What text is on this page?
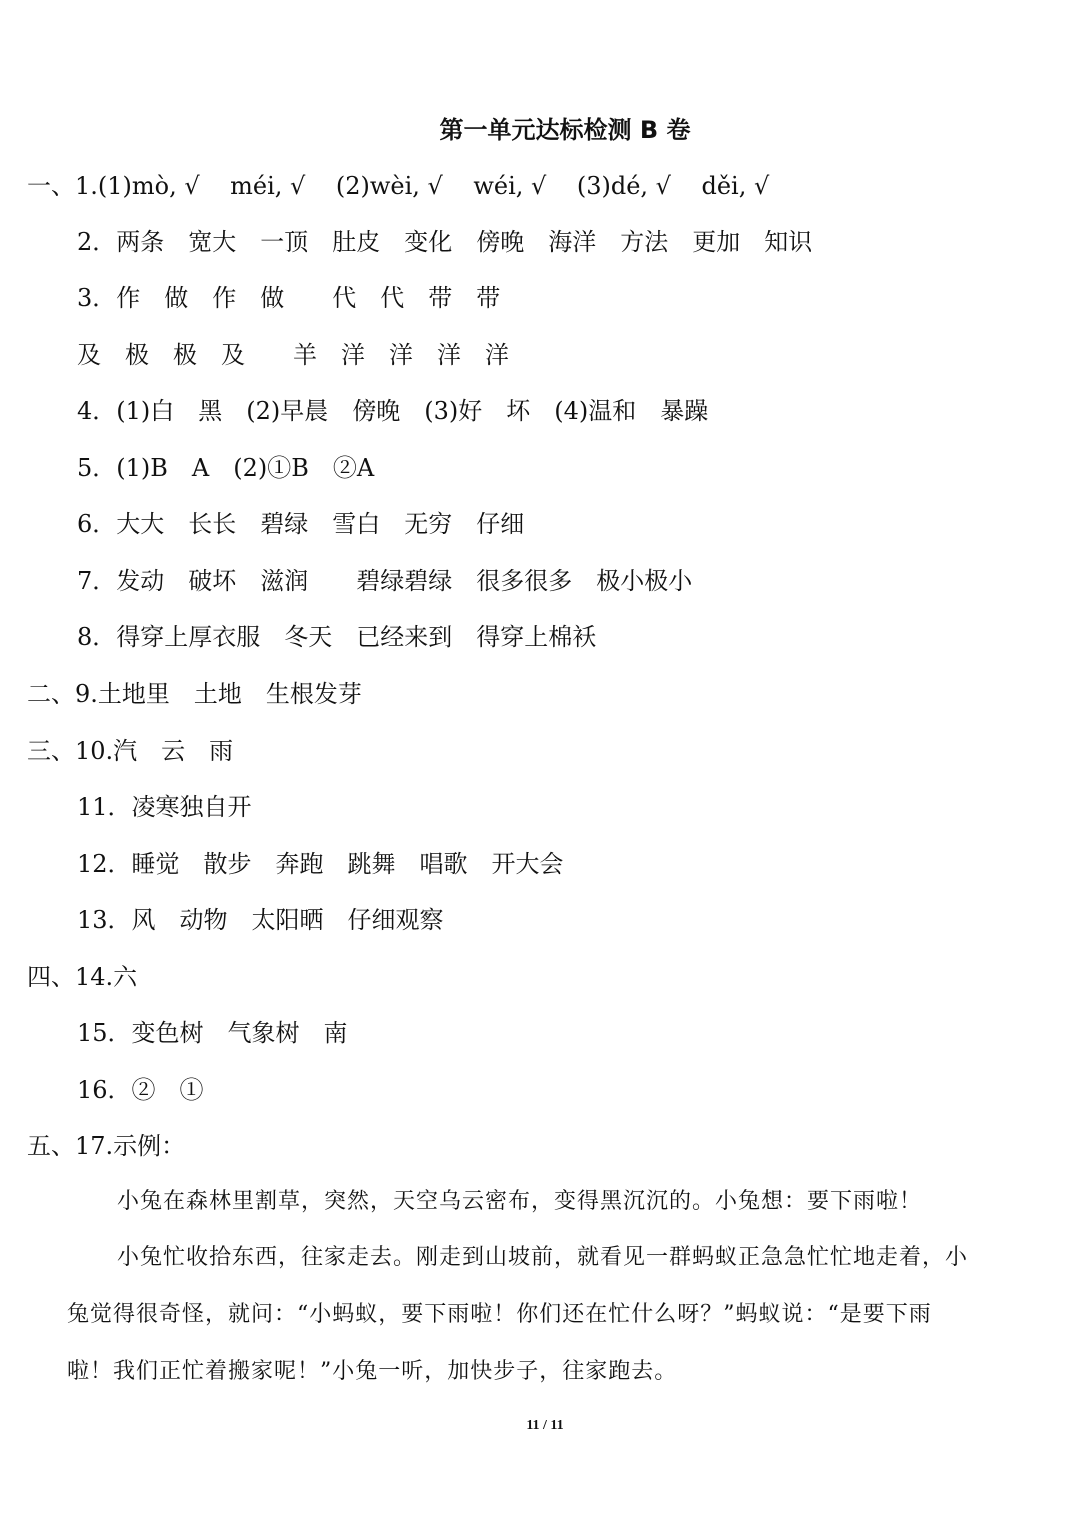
第一单元达标检测 B 卷
一、1.(1)mò, √    méi, √    (2)wèi, √    wéi, √    (3)dé, √    děi, √
2．两条　宽大　一顶　肚皮　变化　傍晚　海洋　方法　更加　知识
3．作　做　作　做　　代　代　带　带
及　极　极　及　　羊　洋　洋　洋　洋
4．(1)白　黑　(2)早晨　傍晚　(3)好　坏　(4)温和　暴躁
5．(1)B　A　(2)①B　②A
6．大大　长长　碧绿　雪白　无穷　仔细
7．发动　破坏　滋润　　碧绿碧绿　很多很多　极小极小
8．得穿上厚衣服　冬天　已经来到　得穿上棉袄
二、9.土地里　土地　生根发芽
三、10.汽　云　雨
11．凌寒独自开
12．睡觉　散步　奔跑　跳舞　唱歌　开大会
13．风　动物　太阳晒　仔细观察
四、14.六
15．变色树　气象树　南
16．②　①
五、17.示例：
小兔在森林里割草，突然，天空乌云密布，变得黑沉沉的。小兔想：要下雨啦！
小兔忙收拾东西，往家走去。刚走到山坡前，就看见一群蚂蚁正急急忙忙地走着，小
兔觉得很奇怪，就问：“小蚂蚁，要下雨啦！你们还在忙什么呀？”蚂蚁说：“是要下雨
啦！我们正忙着搬家呢！”小兔一听，加快步子，往家跑去。
11 / 11
